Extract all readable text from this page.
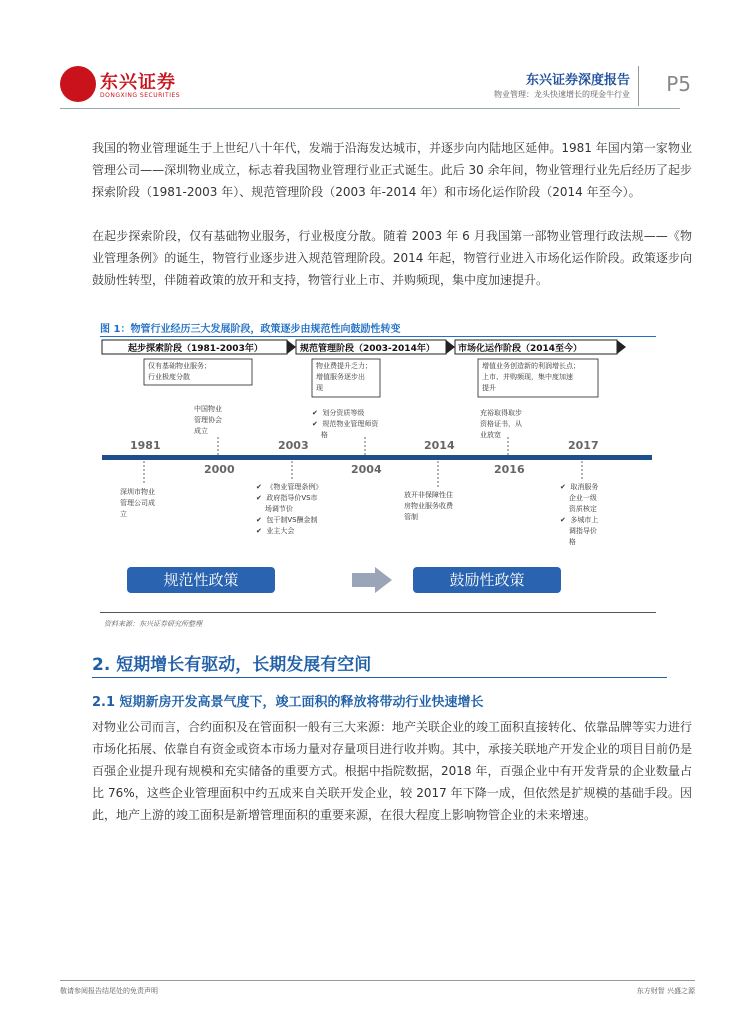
东兴证券
DONGXING SECURITIES
东兴证券深度报告
物业管理：龙头快速增长的现金牛行业 P5
我国的物业管理诞生于上世纪八十年代，发端于沿海发达城市，并逐步向内陆地区延伸。1981 年国内第一家物业管理公司——深圳物业成立，标志着我国物业管理行业正式诞生。此后 30 余年间，物业管理行业先后经历了起步探索阶段（1981-2003 年）、规范管理阶段（2003 年-2014 年）和市场化运作阶段（2014 年至今）。
在起步探索阶段，仅有基础物业服务，行业极度分散。随着 2003 年 6 月我国第一部物业管理行政法规——《物业管理条例》的诞生，物管行业逐步进入规范管理阶段。2014 年起，物管行业进入市场化运作阶段。政策逐步向鼓励性转型，伴随着政策的放开和支持，物管行业上市、并购频现，集中度加速提升。
图 1：物管行业经历三大发展阶段，政策逐步由规范性向鼓励性转变
起步探索阶段（1981-2003年）	规范管理阶段（2003-2014年）	市场化运作阶段（2014至今）
仅有基础物业服务；
行业极度分散
物业费提升乏力；
增值服务逐步出
现
增值业务创造新的利润增长点；
上市、并购频现，集中度加速
提升
中国物业
管理协会
成立
✔  划分资质等级
✔  规范物业管理师资
格
充裕取得取步
资格证书，从
业放宽
1981	2003	2014	2017
2000	2004	2016
深圳市物业
管理公司成
立
✔  《物业管理条例》
✔  政府指导价VS市
场调节价
✔  包干制VS酬金制
✔  业主大会
放开非保障性住
房物业服务收费
管制
✔  取消服务
企业一级
资质核定
✔  多城市上
调指导价
格
规范性政策	鼓励性政策
资料来源：东兴证券研究所整理
2. 短期增长有驱动，长期发展有空间
2.1 短期新房开发高景气度下，竣工面积的释放将带动行业快速增长
对物业公司而言，合约面积及在管面积一般有三大来源：地产关联企业的竣工面积直接转化、依靠品牌等实力进行市场化拓展、依靠自有资金或资本市场力量对存量项目进行收并购。其中，承接关联地产开发企业的项目目前仍是百强企业提升现有规模和充实储备的重要方式。根据中指院数据，2018 年，百强企业中有开发背景的企业数量占比 76%，这些企业管理面积中约五成来自关联开发企业，较 2017 年下降一成，但依然是扩规模的基础手段。因此，地产上游的竣工面积是新增管理面积的重要来源，在很大程度上影响物管企业的未来增速。
敬请参阅报告结尾处的免责声明	东方财智 兴盛之源
